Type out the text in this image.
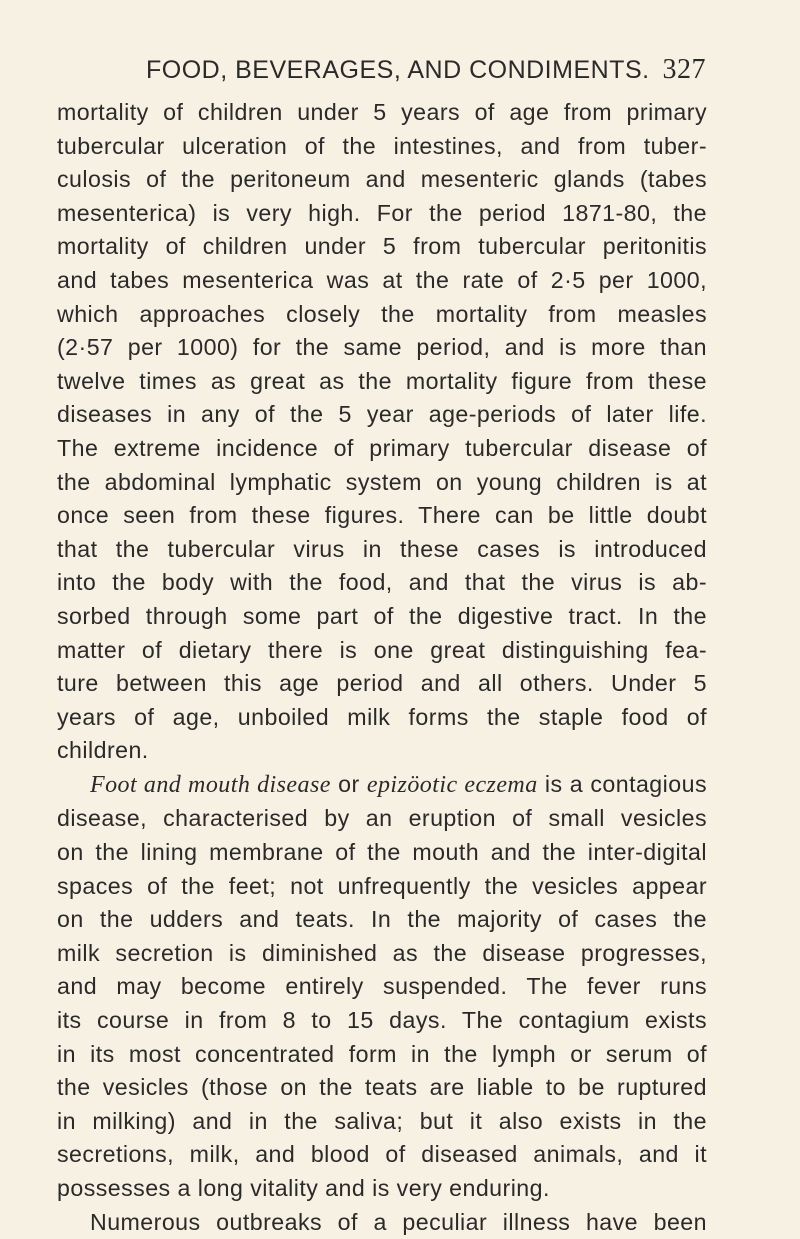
FOOD, BEVERAGES, AND CONDIMENTS. 327
mortality of children under 5 years of age from primary
tubercular ulceration of the intestines, and from tuber-
culosis of the peritoneum and mesenteric glands (tabes
mesenterica) is very high. For the period 1871-80, the
mortality of children under 5 from tubercular peritonitis
and tabes mesenterica was at the rate of 2·5 per 1000,
which approaches closely the mortality from measles
(2·57 per 1000) for the same period, and is more than
twelve times as great as the mortality figure from these
diseases in any of the 5 year age-periods of later life.
The extreme incidence of primary tubercular disease of
the abdominal lymphatic system on young children is at
once seen from these figures. There can be little doubt
that the tubercular virus in these cases is introduced
into the body with the food, and that the virus is ab-
sorbed through some part of the digestive tract. In the
matter of dietary there is one great distinguishing fea-
ture between this age period and all others. Under 5
years of age, unboiled milk forms the staple food of
children.
Foot and mouth disease or epizöotic eczema is a contagious
disease, characterised by an eruption of small vesicles
on the lining membrane of the mouth and the inter-digital
spaces of the feet; not unfrequently the vesicles appear
on the udders and teats. In the majority of cases the
milk secretion is diminished as the disease progresses,
and may become entirely suspended. The fever runs
its course in from 8 to 15 days. The contagium exists
in its most concentrated form in the lymph or serum of
the vesicles (those on the teats are liable to be ruptured
in milking) and in the saliva; but it also exists in the
secretions, milk, and blood of diseased animals, and it
possesses a long vitality and is very enduring.
Numerous outbreaks of a peculiar illness have been
